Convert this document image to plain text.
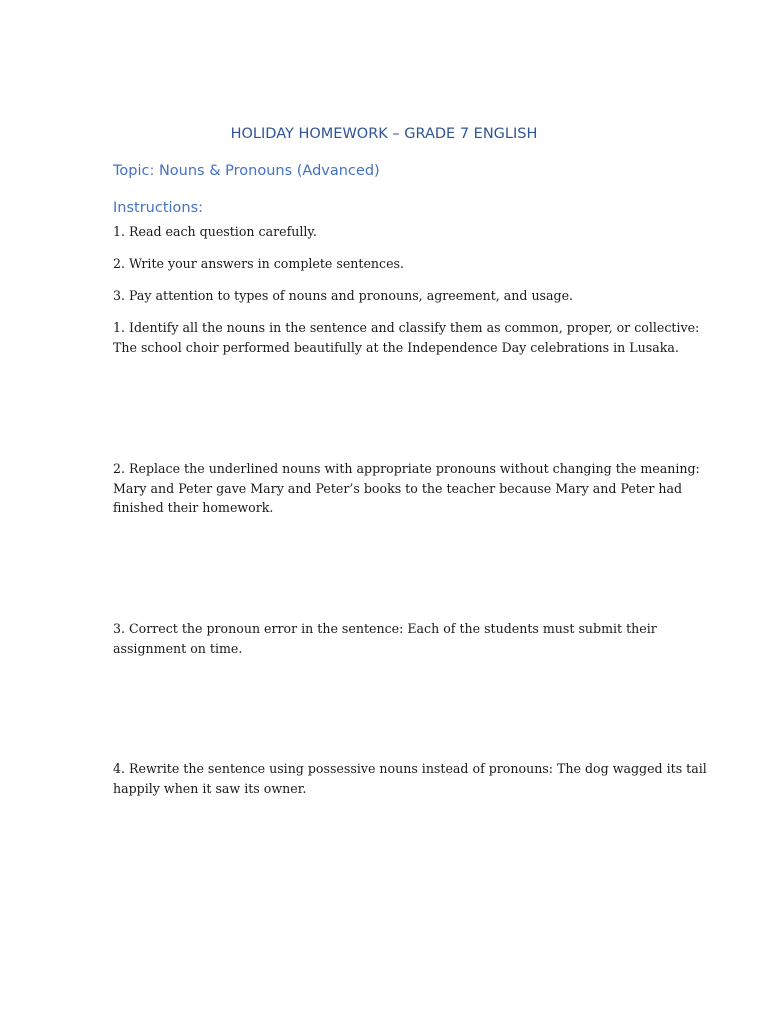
HOLIDAY HOMEWORK – GRADE 7 ENGLISH
Topic: Nouns & Pronouns (Advanced)
Instructions:

1. Read each question carefully.

2. Write your answers in complete sentences.

3. Pay attention to types of nouns and pronouns, agreement, and usage.

1. Identify all the nouns in the sentence and classify them as common, proper, or collective:
The school choir performed beautifully at the Independence Day celebrations in Lusaka.
2. Replace the underlined nouns with appropriate pronouns without changing the meaning:
Mary and Peter gave Mary and Peter’s books to the teacher because Mary and Peter had
finished their homework.
3. Correct the pronoun error in the sentence: Each of the students must submit their
assignment on time.
4. Rewrite the sentence using possessive nouns instead of pronouns: The dog wagged its tail
happily when it saw its owner.
